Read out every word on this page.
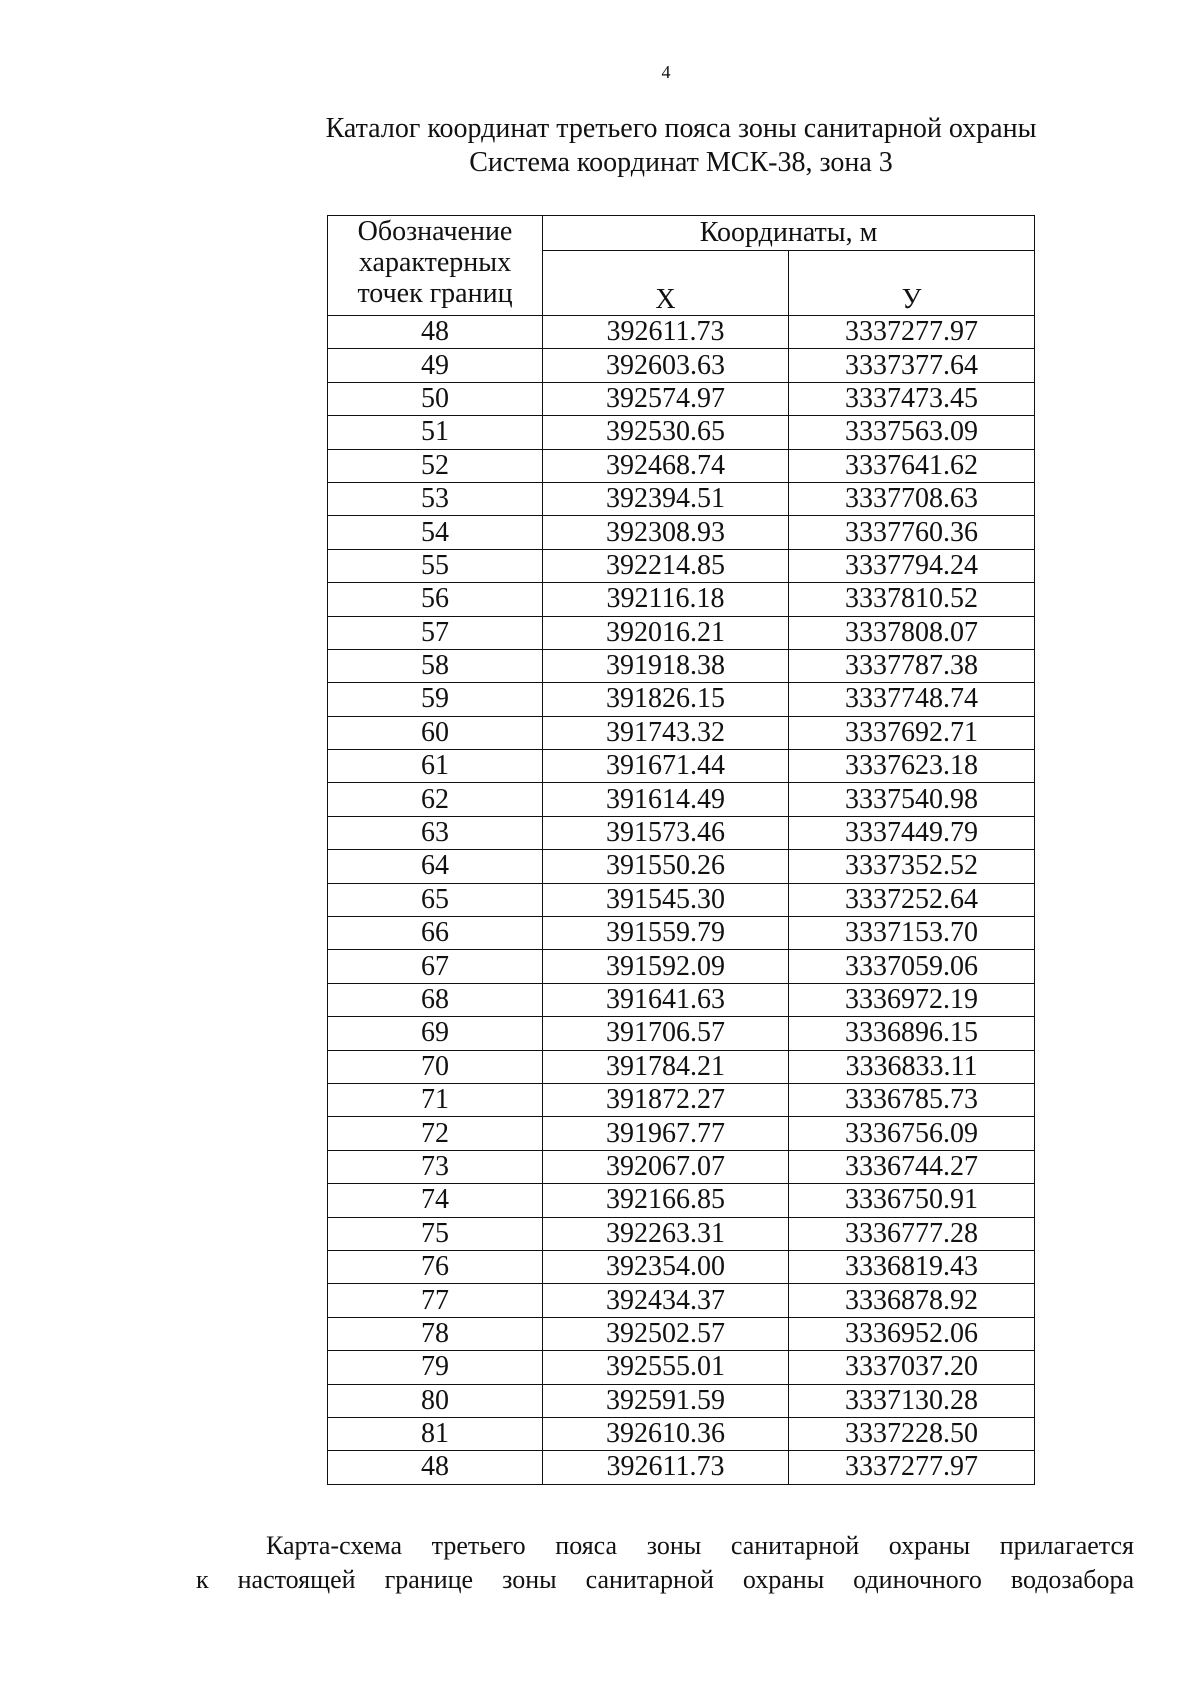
4
Каталог координат третьего пояса зоны санитарной охраны
Система координат МСК-38, зона 3
Обозначение характерных точек границ	Координаты, м	
	X	У
48	392611.73	3337277.97
49	392603.63	3337377.64
50	392574.97	3337473.45
51	392530.65	3337563.09
52	392468.74	3337641.62
53	392394.51	3337708.63
54	392308.93	3337760.36
55	392214.85	3337794.24
56	392116.18	3337810.52
57	392016.21	3337808.07
58	391918.38	3337787.38
59	391826.15	3337748.74
60	391743.32	3337692.71
61	391671.44	3337623.18
62	391614.49	3337540.98
63	391573.46	3337449.79
64	391550.26	3337352.52
65	391545.30	3337252.64
66	391559.79	3337153.70
67	391592.09	3337059.06
68	391641.63	3336972.19
69	391706.57	3336896.15
70	391784.21	3336833.11
71	391872.27	3336785.73
72	391967.77	3336756.09
73	392067.07	3336744.27
74	392166.85	3336750.91
75	392263.31	3336777.28
76	392354.00	3336819.43
77	392434.37	3336878.92
78	392502.57	3336952.06
79	392555.01	3337037.20
80	392591.59	3337130.28
81	392610.36	3337228.50
48	392611.73	3337277.97
Карта-схема третьего пояса зоны санитарной охраны прилагается
к настоящей границе зоны санитарной охраны одиночного водозабора
